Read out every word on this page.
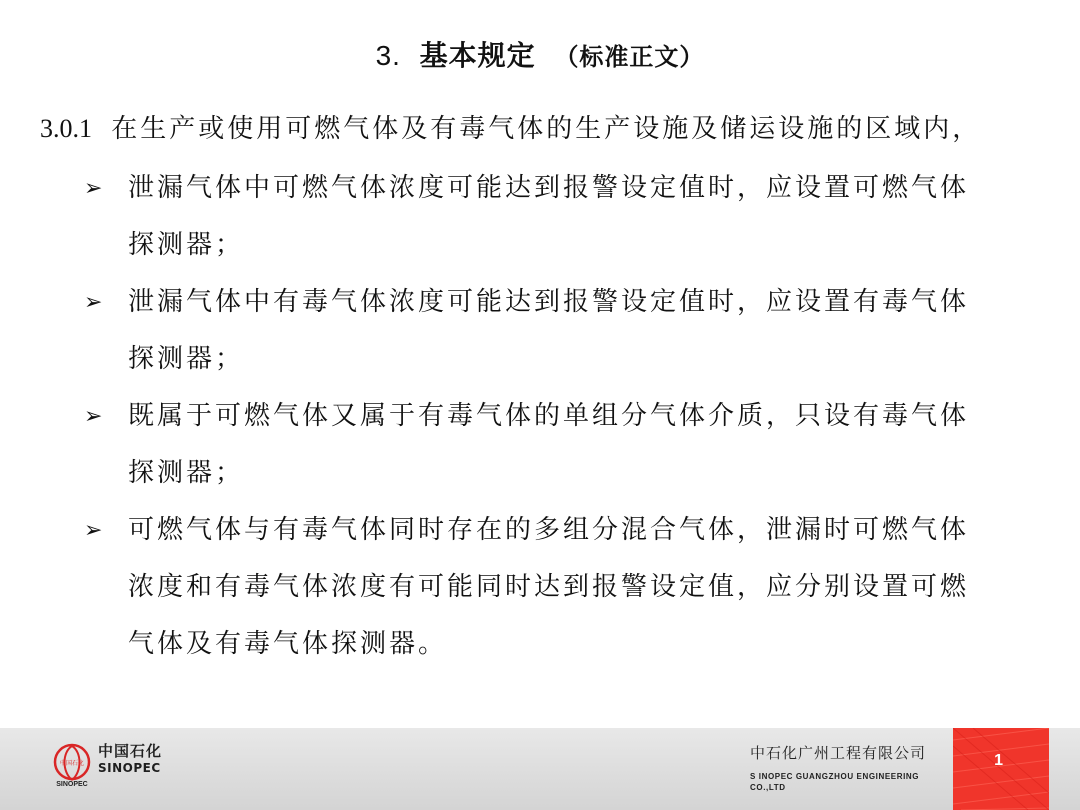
3. 基本规定 （标准正文）
3.0.1 在生产或使用可燃气体及有毒气体的生产设施及储运设施的区域内，
➢ 泄漏气体中可燃气体浓度可能达到报警设定值时，应设置可燃气体
探测器；
➢ 泄漏气体中有毒气体浓度可能达到报警设定值时，应设置有毒气体
探测器；
➢ 既属于可燃气体又属于有毒气体的单组分气体介质，只设有毒气体
探测器；
➢ 可燃气体与有毒气体同时存在的多组分混合气体，泄漏时可燃气体
浓度和有毒气体浓度有可能同时达到报警设定值，应分别设置可燃
气体及有毒气体探测器。
中国石化
SINOPEC
中国石化
SINOPEC
中石化广州工程有限公司
S INOPEC GUANGZHOU ENGINEERING CO.,LTD
1
